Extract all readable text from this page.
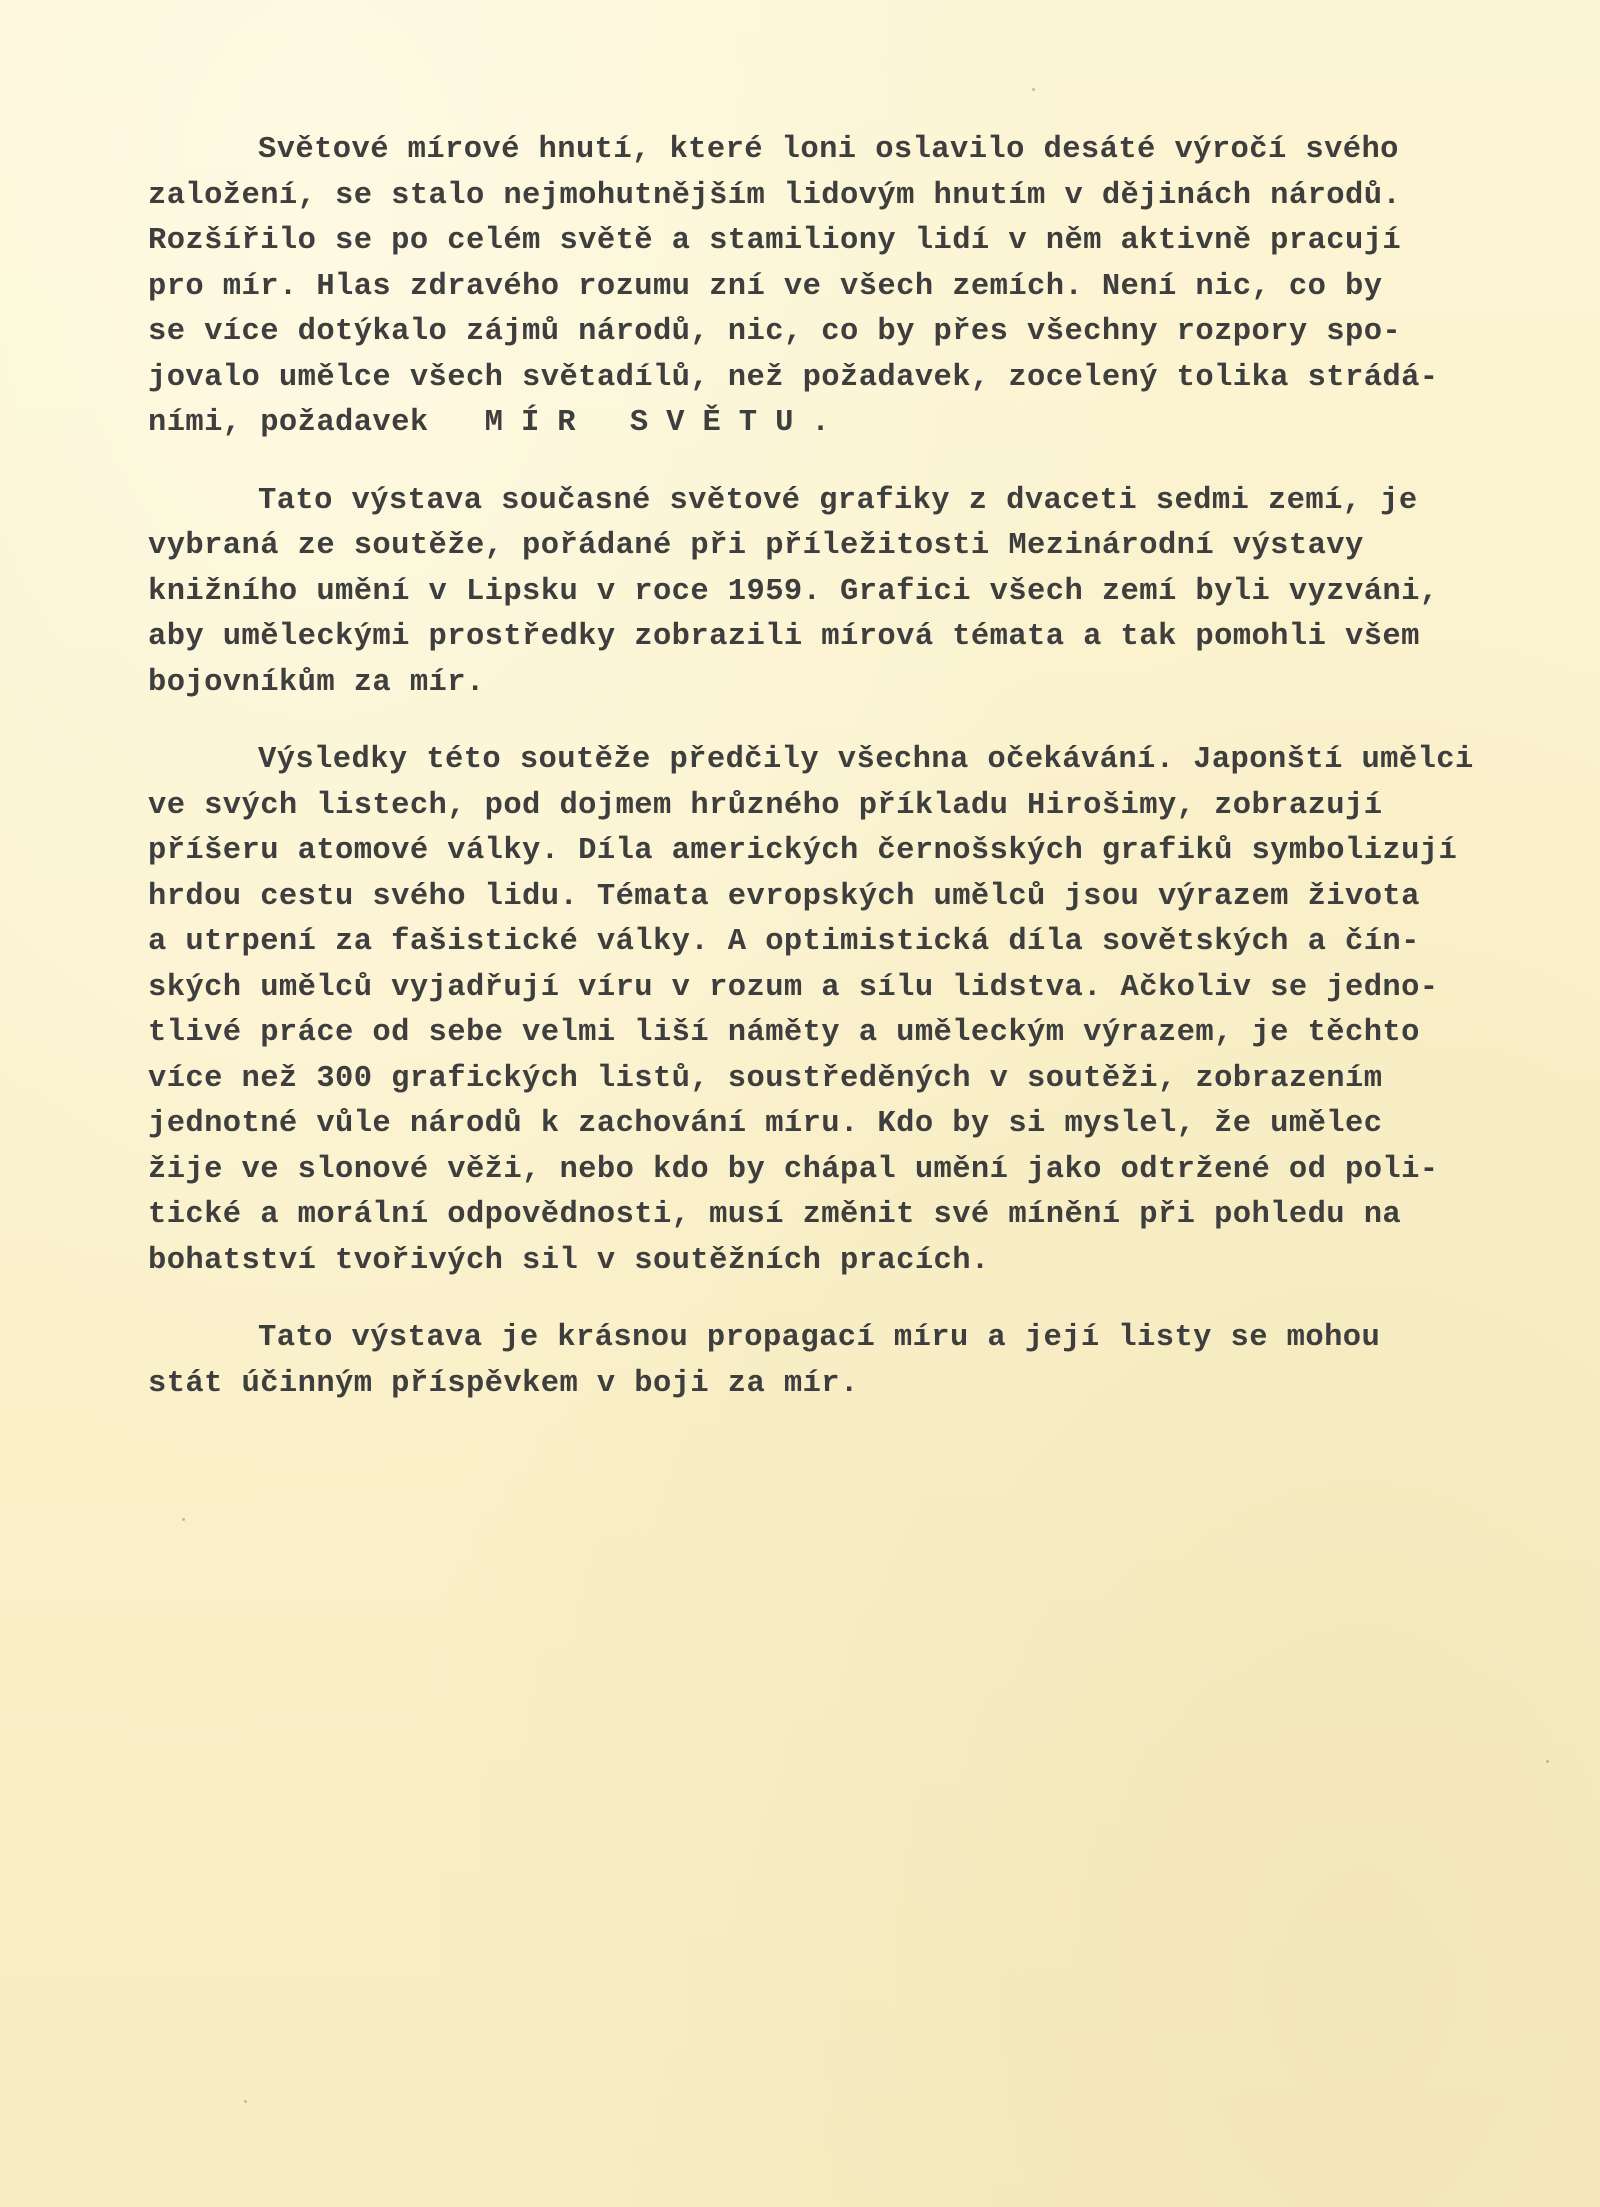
Světové mírové hnutí, které loni oslavilo desáté výročí svého
založení, se stalo nejmohutnějším lidovým hnutím v dějinách národů.
Rozšířilo se po celém světě a stamiliony lidí v něm aktivně pracují
pro mír. Hlas zdravého rozumu zní ve všech zemích. Není nic, co by
se více dotýkalo zájmů národů, nic, co by přes všechny rozpory spo-
jovalo umělce všech světadílů, než požadavek, zocelený tolika strádá-
ními, požadavek MÍR SVĚTU.
Tato výstava současné světové grafiky z dvaceti sedmi zemí, je
vybraná ze soutěže, pořádané při příležitosti Mezinárodní výstavy
knižního umění v Lipsku v roce 1959. Grafici všech zemí byli vyzváni,
aby uměleckými prostředky zobrazili mírová témata a tak pomohli všem
bojovníkům za mír.
Výsledky této soutěže předčily všechna očekávání. Japonští umělci
ve svých listech, pod dojmem hrůzného příkladu Hirošimy, zobrazují
příšeru atomové války. Díla amerických černošských grafiků symbolizují
hrdou cestu svého lidu. Témata evropských umělců jsou výrazem života
a utrpení za fašistické války. A optimistická díla sovětských a čín-
ských umělců vyjadřují víru v rozum a sílu lidstva. Ačkoliv se jedno-
tlivé práce od sebe velmi liší náměty a uměleckým výrazem, je těchto
více než 300 grafických listů, soustředěných v soutěži, zobrazením
jednotné vůle národů k zachování míru. Kdo by si myslel, že umělec
žije ve slonové věži, nebo kdo by chápal umění jako odtržené od poli-
tické a morální odpovědnosti, musí změnit své mínění při pohledu na
bohatství tvořivých sil v soutěžních pracích.
Tato výstava je krásnou propagací míru a její listy se mohou
stát účinným příspěvkem v boji za mír.
